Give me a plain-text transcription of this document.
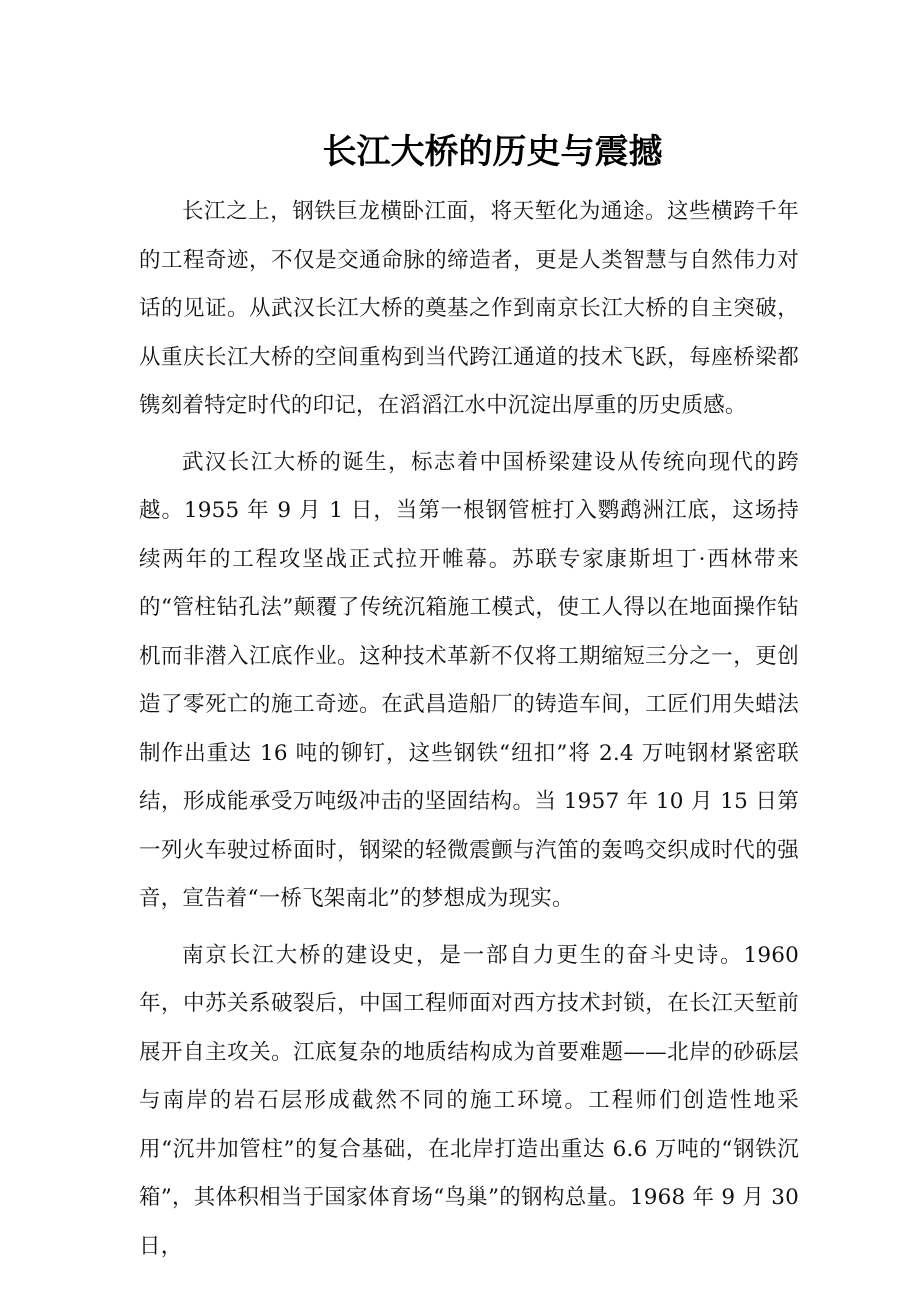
长江大桥的历史与震撼

长江之上，钢铁巨龙横卧江面，将天堑化为通途。这些横跨千年的工程奇迹，不仅是交通命脉的缔造者，更是人类智慧与自然伟力对话的见证。从武汉长江大桥的奠基之作到南京长江大桥的自主突破，从重庆长江大桥的空间重构到当代跨江通道的技术飞跃，每座桥梁都镌刻着特定时代的印记，在滔滔江水中沉淀出厚重的历史质感。

武汉长江大桥的诞生，标志着中国桥梁建设从传统向现代的跨越。1955 年 9 月 1 日，当第一根钢管桩打入鹦鹉洲江底，这场持续两年的工程攻坚战正式拉开帷幕。苏联专家康斯坦丁·西林带来的“管柱钻孔法”颠覆了传统沉箱施工模式，使工人得以在地面操作钻机而非潜入江底作业。这种技术革新不仅将工期缩短三分之一，更创造了零死亡的施工奇迹。在武昌造船厂的铸造车间，工匠们用失蜡法制作出重达 16 吨的铆钉，这些钢铁“纽扣”将 2.4 万吨钢材紧密联结，形成能承受万吨级冲击的坚固结构。当 1957 年 10 月 15 日第一列火车驶过桥面时，钢梁的轻微震颤与汽笛的轰鸣交织成时代的强音，宣告着“一桥飞架南北”的梦想成为现实。

南京长江大桥的建设史，是一部自力更生的奋斗史诗。1960 年，中苏关系破裂后，中国工程师面对西方技术封锁，在长江天堑前展开自主攻关。江底复杂的地质结构成为首要难题——北岸的砂砾层与南岸的岩石层形成截然不同的施工环境。工程师们创造性地采用“沉井加管柱”的复合基础，在北岸打造出重达 6.6 万吨的“钢铁沉箱”，其体积相当于国家体育场“鸟巢”的钢构总量。1968 年 9 月 30 日，
